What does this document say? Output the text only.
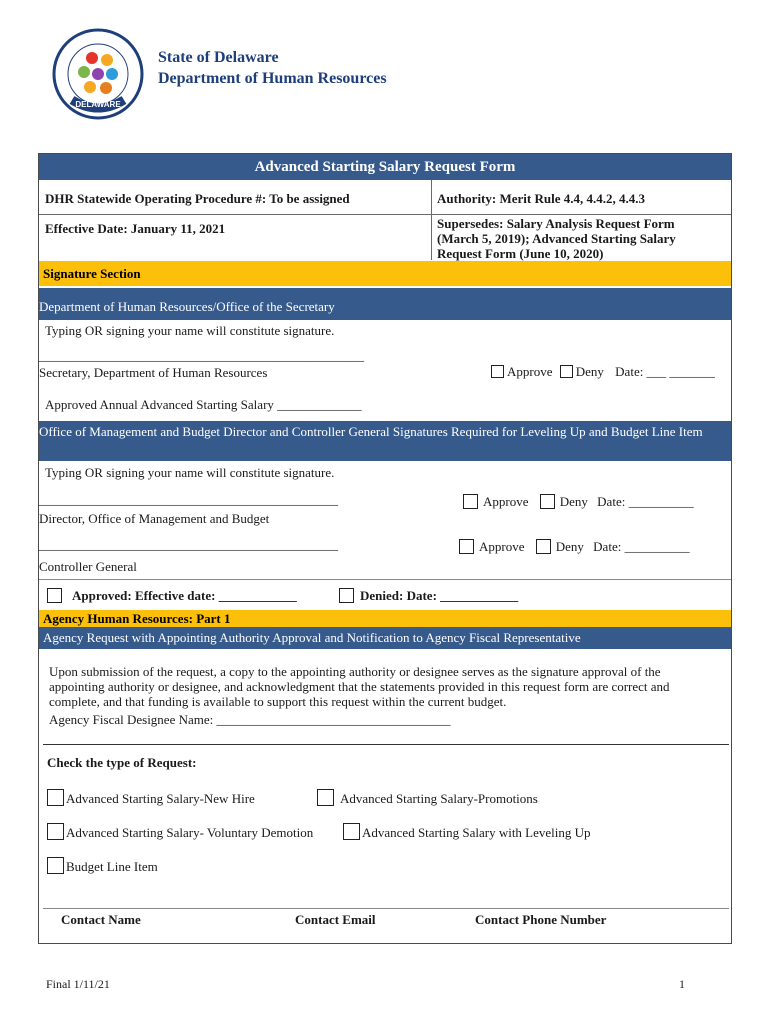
DELAWARE
State of Delaware
Department of Human Resources
Advanced Starting Salary Request Form
DHR Statewide Operating Procedure #: To be assigned	Authority: Merit Rule 4.4, 4.4.2, 4.4.3
Effective Date: January 11, 2021	Supersedes: Salary Analysis Request Form (March 5, 2019); Advanced Starting Salary Request Form (June 10, 2020)
Signature Section
Department of Human Resources/Office of the Secretary
Typing OR signing your name will constitute signature.
__________________________________________________
Secretary, Department of Human Resources	Approve Deny Date: ___ _______
Approved Annual Advanced Starting Salary _____________
Office of Management and Budget Director and Controller General Signatures Required for Leveling Up and Budget Line Item
Typing OR signing your name will constitute signature.
______________________________________________	Approve Deny Date: __________
Director, Office of Management and Budget
______________________________________________	Approve Deny Date: __________
Controller General
Approved: Effective date: ____________	Denied: Date: ____________
Agency Human Resources: Part 1
Agency Request with Appointing Authority Approval and Notification to Agency Fiscal Representative
Upon submission of the request, a copy to the appointing authority or designee serves as the signature approval of the appointing authority or designee, and acknowledgment that the statements provided in this request form are correct and complete, and that funding is available to support this request within the current budget.
Agency Fiscal Designee Name: ____________________________________
Check the type of Request:
Advanced Starting Salary-New Hire	Advanced Starting Salary-Promotions
Advanced Starting Salary- Voluntary Demotion	Advanced Starting Salary with Leveling Up
Budget Line Item
Contact Name	Contact Email	Contact Phone Number
Final 1/11/21	1
